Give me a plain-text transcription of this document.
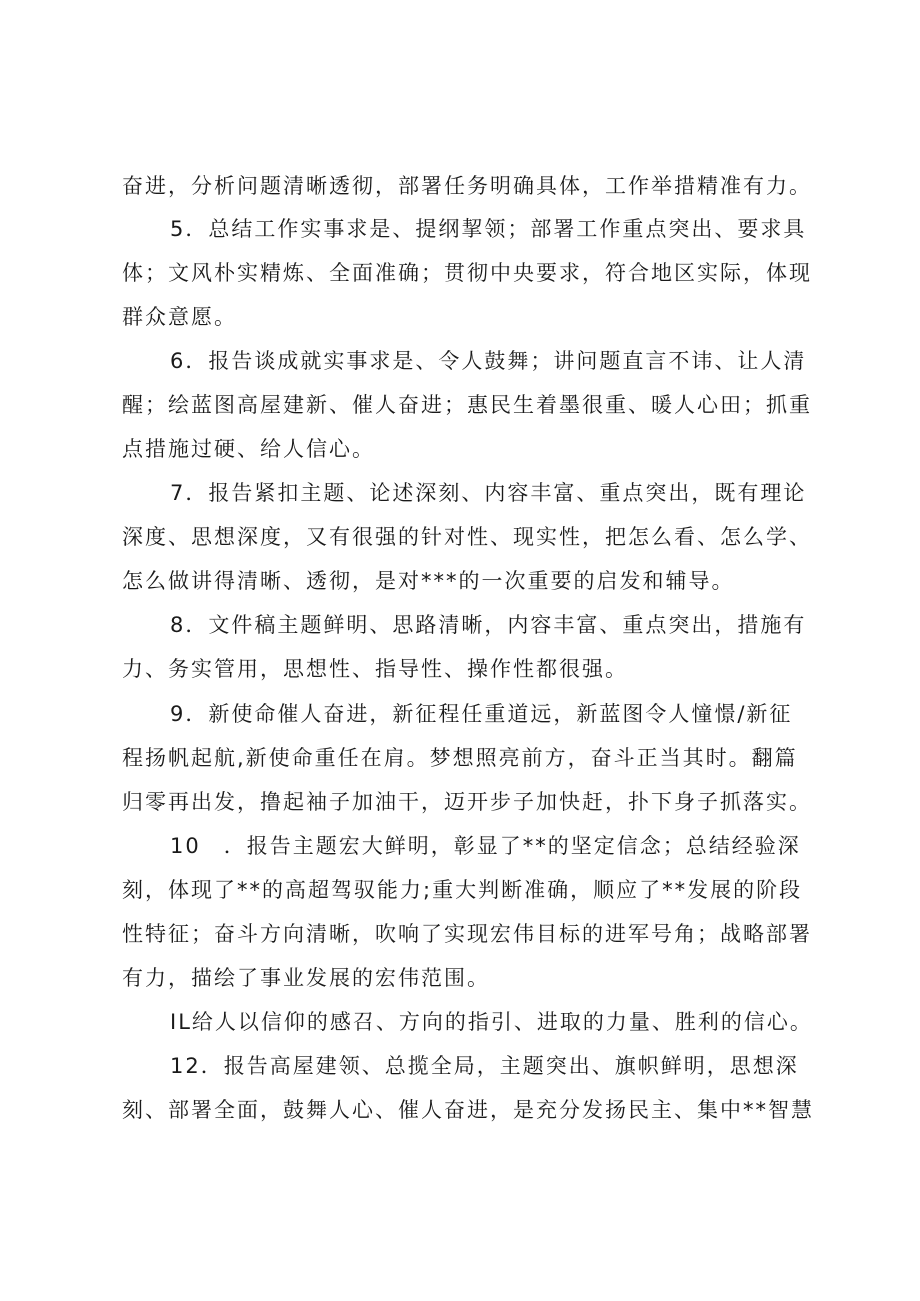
奋进，分析问题清晰透彻，部署任务明确具体，工作举措精准有力。
5．总结工作实事求是、提纲挈领；部署工作重点突出、要求具
体；文风朴实精炼、全面准确；贯彻中央要求，符合地区实际，体现
群众意愿。
6．报告谈成就实事求是、令人鼓舞；讲问题直言不讳、让人清
醒；绘蓝图高屋建新、催人奋进；惠民生着墨很重、暖人心田；抓重
点措施过硬、给人信心。
7．报告紧扣主题、论述深刻、内容丰富、重点突出，既有理论
深度、思想深度，又有很强的针对性、现实性，把怎么看、怎么学、
怎么做讲得清晰、透彻，是对***的一次重要的启发和辅导。
8．文件稿主题鲜明、思路清晰，内容丰富、重点突出，措施有
力、务实管用，思想性、指导性、操作性都很强。
9．新使命催人奋进，新征程任重道远，新蓝图令人憧憬/新征
程扬帆起航,新使命重任在肩。梦想照亮前方，奋斗正当其时。翻篇
归零再出发，撸起袖子加油干，迈开步子加快赶，扑下身子抓落实。
10　．报告主题宏大鲜明，彰显了**的坚定信念；总结经验深
刻，体现了**的高超驾驭能力;重大判断准确，顺应了**发展的阶段
性特征；奋斗方向清晰，吹响了实现宏伟目标的进军号角；战略部署
有力，描绘了事业发展的宏伟范围。
IL给人以信仰的感召、方向的指引、进取的力量、胜利的信心。
12．报告高屋建领、总揽全局，主题突出、旗帜鲜明，思想深
刻、部署全面，鼓舞人心、催人奋进，是充分发扬民主、集中**智慧
